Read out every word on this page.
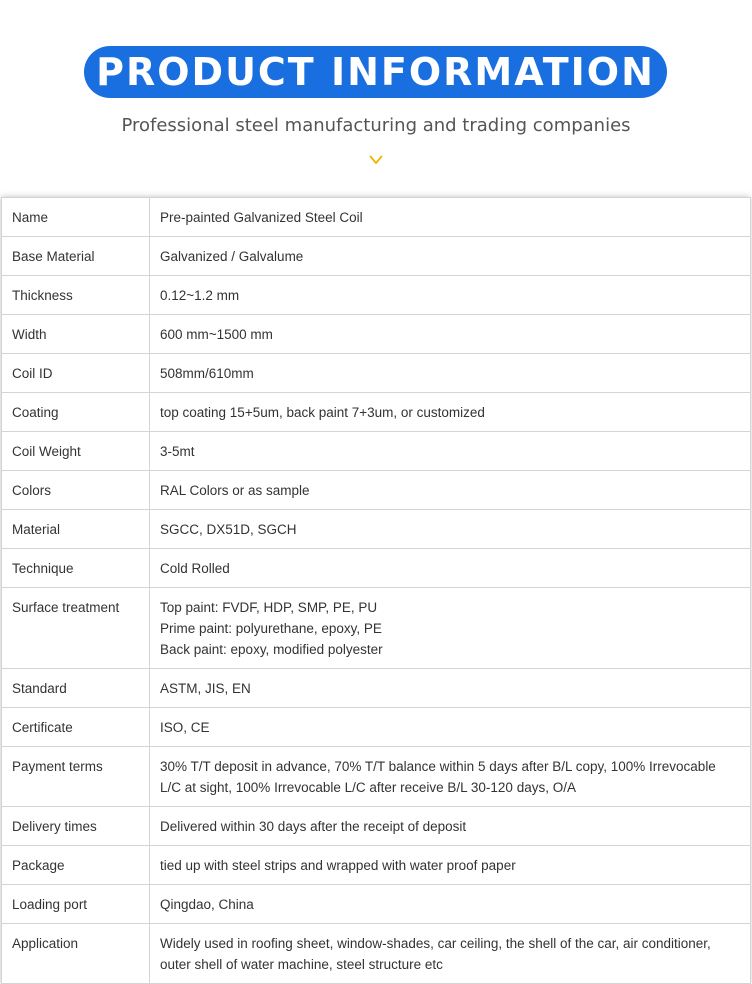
PRODUCT INFORMATION
Professional steel manufacturing and trading companies
Name	Pre-painted Galvanized Steel Coil

Base Material	Galvanized / Galvalume

Thickness	0.12~1.2 mm

Width	600 mm~1500 mm

Coil ID	508mm/610mm

Coating	top coating 15+5um, back paint 7+3um, or customized

Coil Weight	3-5mt

Colors	RAL Colors or as sample

Material	SGCC, DX51D, SGCH

Technique	Cold Rolled

Surface treatment	Top paint: FVDF, HDP, SMP, PE, PU
Prime paint: polyurethane, epoxy, PE
Back paint: epoxy, modified polyester

Standard	ASTM, JIS, EN

Certificate	ISO, CE

Payment terms	30% T/T deposit in advance, 70% T/T balance within 5 days after B/L copy, 100% Irrevocable
L/C at sight, 100% Irrevocable L/C after receive B/L 30-120 days, O/A

Delivery times	Delivered within 30 days after the receipt of deposit

Package	tied up with steel strips and wrapped with water proof paper

Loading port	Qingdao, China

Application	Widely used in roofing sheet, window-shades, car ceiling, the shell of the car, air conditioner,
outer shell of water machine, steel structure etc
